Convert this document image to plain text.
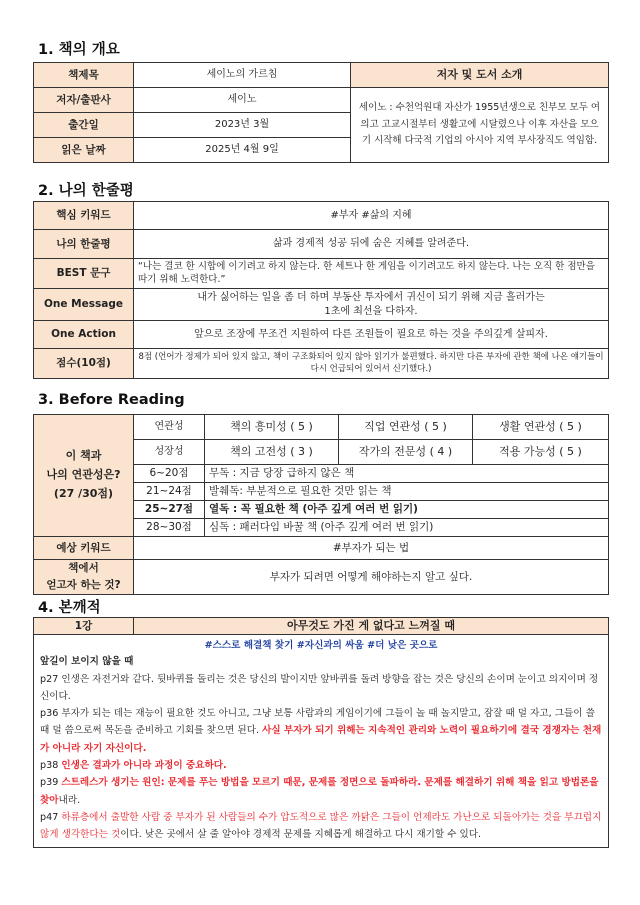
1. 책의 개요
책제목	세이노의 가르침	저자 및 도서 소개
저자/출판사	세이노	세이노 : 수천억원대 자산가 1955년생으로 친부모 모두 여의고 고교시절부터 생활고에 시달렸으나 이후 자산을 모으기 시작해 다국적 기업의 아시아 지역 부사장직도 역임함.
출간일	2023년 3월	
읽은 날짜	2025년 4월 9일	
2. 나의 한줄평
핵심 키워드	#부자 #삶의 지혜
나의 한줄평	삶과 경제적 성공 뒤에 숨은 지혜를 알려준다.
BEST 문구	“나는 결코 한 시합에 이기려고 하지 않는다. 한 세트나 한 게임을 이기려고도 하지 않는다. 나는 오직 한 점만을 따기 위해 노력한다.”
One Message	내가 싫어하는 일을 좀 더 하며 부동산 투자에서 귀신이 되기 위해 지금 흘러가는 1초에 최선을 다하자.
One Action	앞으로 조장에 무조건 지원하여 다른 조원들이 필요로 하는 것을 주의깊게 살피자.
점수(10점)	8점 (언어가 정제가 되어 있지 않고, 책이 구조화되어 있지 않아 읽기가 불편했다. 하지만 다른 부자에 관한 책에 나온 얘기들이 다시 언급되어 있어서 신기했다.)
3. Before Reading
이 책과
나의 연관성은?
(27 /30점)	연관성	책의 흥미성 ( 5 )	직업 연관성 ( 5 )	생활 연관성 ( 5 )
	성장성	책의 고전성 ( 3 )	작가의 전문성 ( 4 )	적용 가능성 ( 5 )
	6~20점	무독 : 지금 당장 급하지 않은 책		
	21~24점	발췌독: 부분적으로 필요한 것만 읽는 책		
	25~27점	열독 : 꼭 필요한 책 (아주 깊게 여러 번 읽기)		
	28~30점	심독 : 패러다임 바꿀 책 (아주 깊게 여러 번 읽기)		
예상 키워드	#부자가 되는 법			
책에서
얻고자 하는 것?	부자가 되려면 어떻게 해야하는지 알고 싶다.			
4. 본깨적
1강	아무것도 가진 게 없다고 느껴질 때

#스스로 해결책 찾기 #자신과의 싸움 #더 낮은 곳으로

앞길이 보이지 않을 때

p27 인생은 자전거와 같다. 뒷바퀴를 돌리는 것은 당신의 발이지만 앞바퀴를 돌려 방향을 잡는 것은 당신의 손이며 눈이고 의지이며 정신이다.

p36 부자가 되는 데는 재능이 필요한 것도 아니고, 그냥 보통 사람과의 게임이기에 그들이 놀 때 놀지말고, 잠잘 때 덜 자고, 그들이 쓸 때 덜 씀으로써 목돈을 준비하고 기회를 찾으면 된다. 사실 부자가 되기 위해는 지속적인 관리와 노력이 필요하기에 결국 경쟁자는 천재가 아니라 자기 자신이다.

p38 인생은 결과가 아니라 과정이 중요하다.

p39 스트레스가 생기는 원인: 문제를 푸는 방법을 모르기 때문, 문제를 정면으로 돌파하라. 문제를 해결하기 위해 책을 읽고 방법론을 찾아내라.

p47 하류층에서 출발한 사람 중 부자가 된 사람들의 수가 압도적으로 많은 까닭은 그들이 언제라도 가난으로 되돌아가는 것을 부끄럽지 않게 생각한다는 것이다. 낮은 곳에서 살 줄 알아야 경제적 문제를 지혜롭게 해결하고 다시 재기할 수 있다.
